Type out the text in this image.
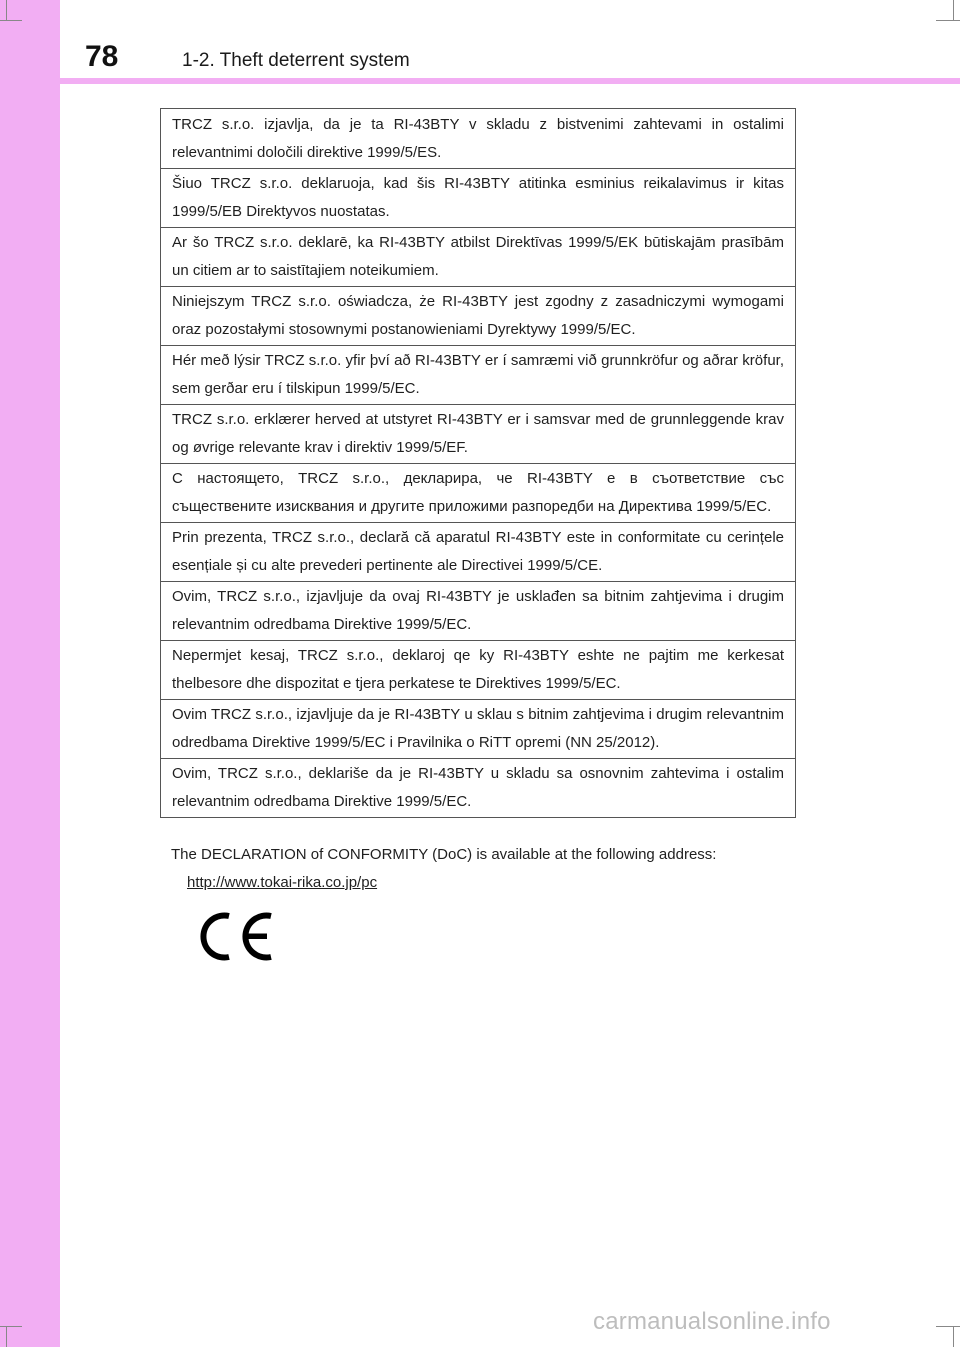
78	1-2. Theft deterrent system
TRCZ s.r.o. izjavlja, da je ta RI-43BTY v skladu z bistvenimi zahtevami in ostalimi relevantnimi določili direktive 1999/5/ES.

Šiuo TRCZ s.r.o. deklaruoja, kad šis RI-43BTY atitinka esminius reikalavimus ir kitas 1999/5/EB Direktyvos nuostatas.

Ar šo TRCZ s.r.o. deklarē, ka RI-43BTY atbilst Direktīvas 1999/5/EK būtiskajām prasībām un citiem ar to saistītajiem noteikumiem.

Niniejszym TRCZ s.r.o. oświadcza, że RI-43BTY jest zgodny z zasadniczymi wymogami oraz pozostałymi stosownymi postanowieniami Dyrektywy 1999/5/EC.

Hér með lýsir TRCZ s.r.o. yfir því að RI-43BTY er í samræmi við grunnkröfur og aðrar kröfur, sem gerðar eru í tilskipun 1999/5/EC.

TRCZ s.r.o. erklærer herved at utstyret RI-43BTY er i samsvar med de grunnleggende krav og øvrige relevante krav i direktiv 1999/5/EF.

С настоящето, TRCZ s.r.o., декларира, че RI-43BTY е в съответствие със съществените изисквания и другите приложими разпоредби на Директива 1999/5/EC.

Prin prezenta, TRCZ s.r.o., declară că aparatul RI-43BTY este in conformitate cu cerințele esențiale și cu alte prevederi pertinente ale Directivei 1999/5/CE.

Ovim, TRCZ s.r.o., izjavljuje da ovaj RI-43BTY je usklađen sa bitnim zahtjevima i drugim relevantnim odredbama Direktive 1999/5/EC.

Nepermjet kesaj, TRCZ s.r.o., deklaroj qe ky RI-43BTY eshte ne pajtim me kerkesat thelbesore dhe dispozitat e tjera perkatese te Direktives 1999/5/EC.

Ovim TRCZ s.r.o., izjavljuje da je RI-43BTY u sklau s bitnim zahtjevima i drugim relevantnim odredbama Direktive 1999/5/EC i Pravilnika o RiTT opremi (NN 25/2012).

Ovim, TRCZ s.r.o., deklariše da je RI-43BTY u skladu sa osnovnim zahtevima i ostalim relevantnim odredbama Direktive 1999/5/EC.
The DECLARATION of CONFORMITY (DoC) is available at the following address:
http://www.tokai-rika.co.jp/pc
carmanualsonline.info
